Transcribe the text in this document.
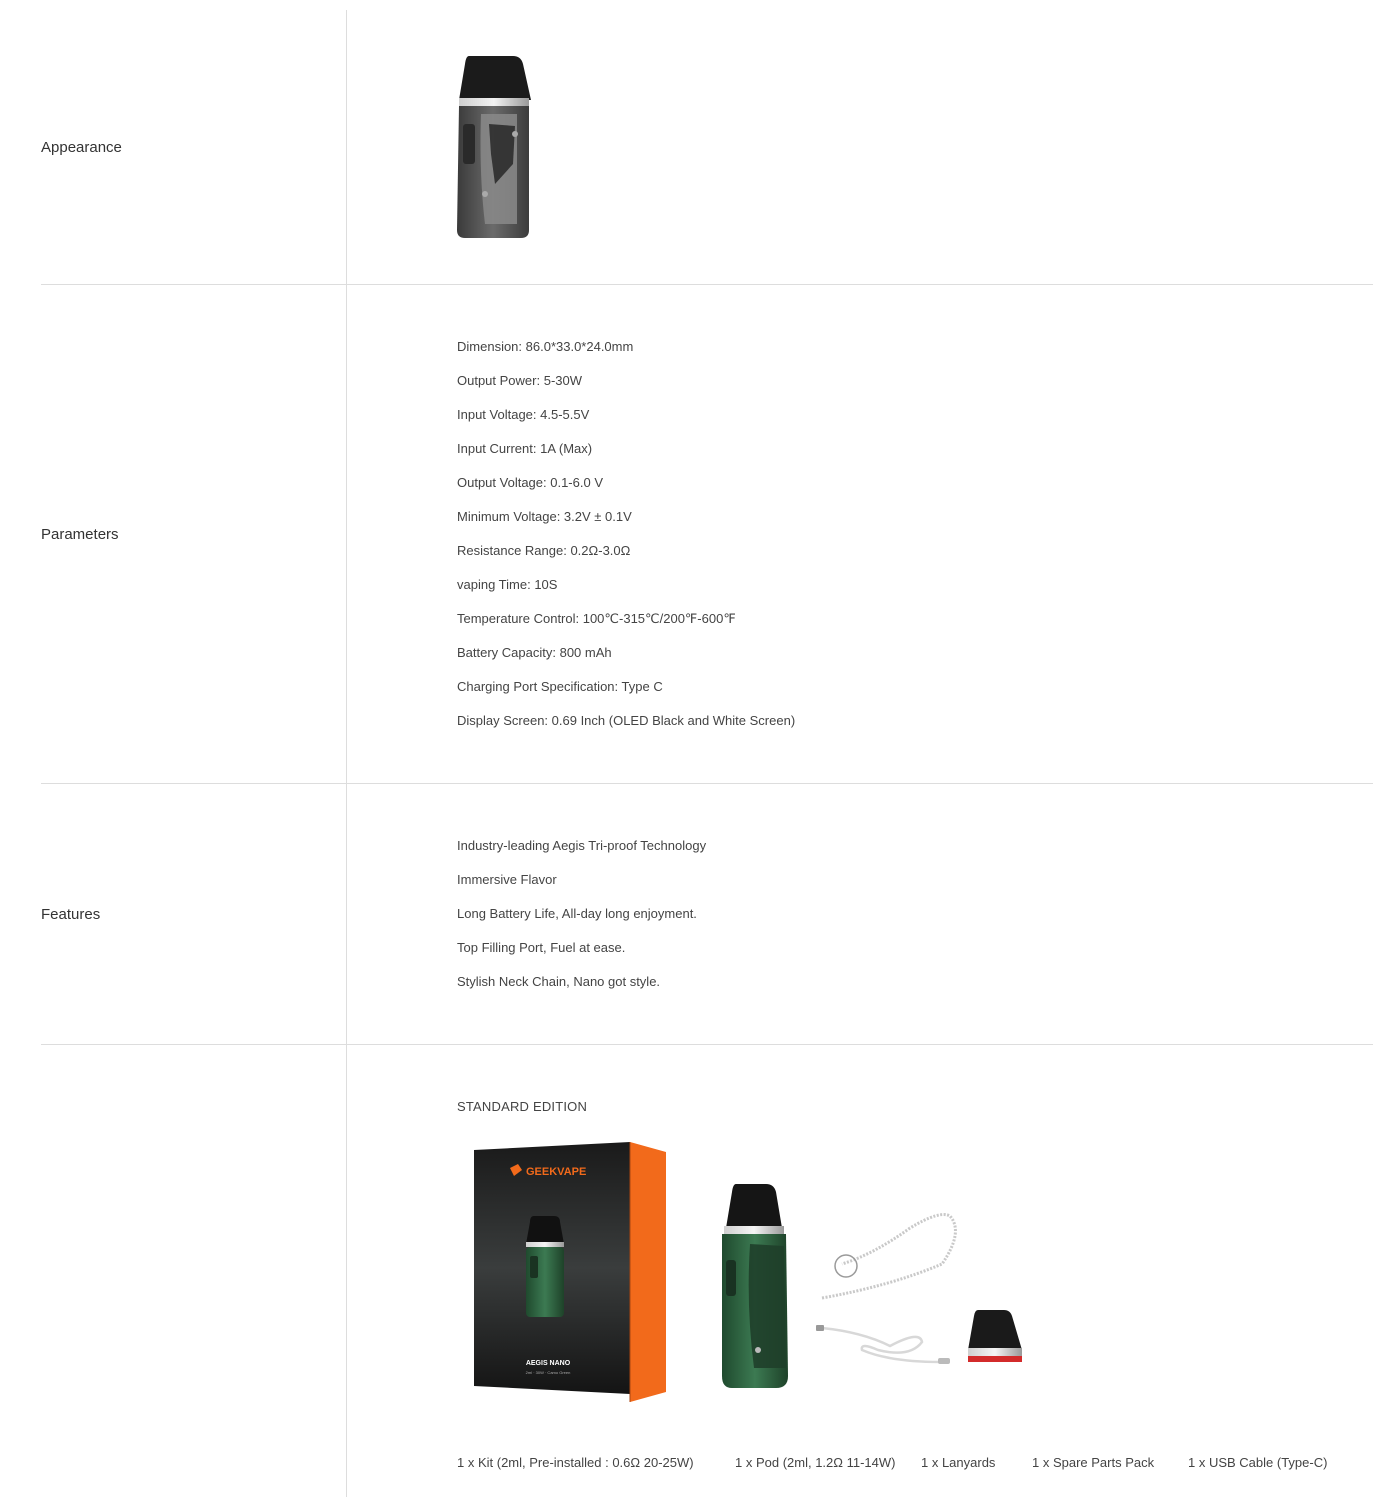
Appearance
Parameters
Dimension: 86.0*33.0*24.0mm
Output Power: 5-30W
Input Voltage: 4.5-5.5V
Input Current: 1A (Max)
Output Voltage: 0.1-6.0 V
Minimum Voltage: 3.2V ± 0.1V
Resistance Range: 0.2Ω-3.0Ω
vaping Time: 10S
Temperature Control: 100℃-315℃/200℉-600℉
Battery Capacity: 800 mAh
Charging Port Specification: Type C
Display Screen: 0.69 Inch (OLED Black and White Screen)
Features
Industry-leading Aegis Tri-proof Technology
Immersive Flavor
Long Battery Life, All-day long enjoyment.
Top Filling Port, Fuel at ease.
Stylish Neck Chain, Nano got style.
STANDARD EDITION
GEEKVAPE
AEGIS NANO
2ml · 30W · Camo Green
1 x Kit (2ml, Pre-installed : 0.6Ω 20-25W)	1 x Pod (2ml, 1.2Ω 11-14W) 1 x Lanyards	1 x Spare Parts Pack	1 x USB Cable (Type-C)
